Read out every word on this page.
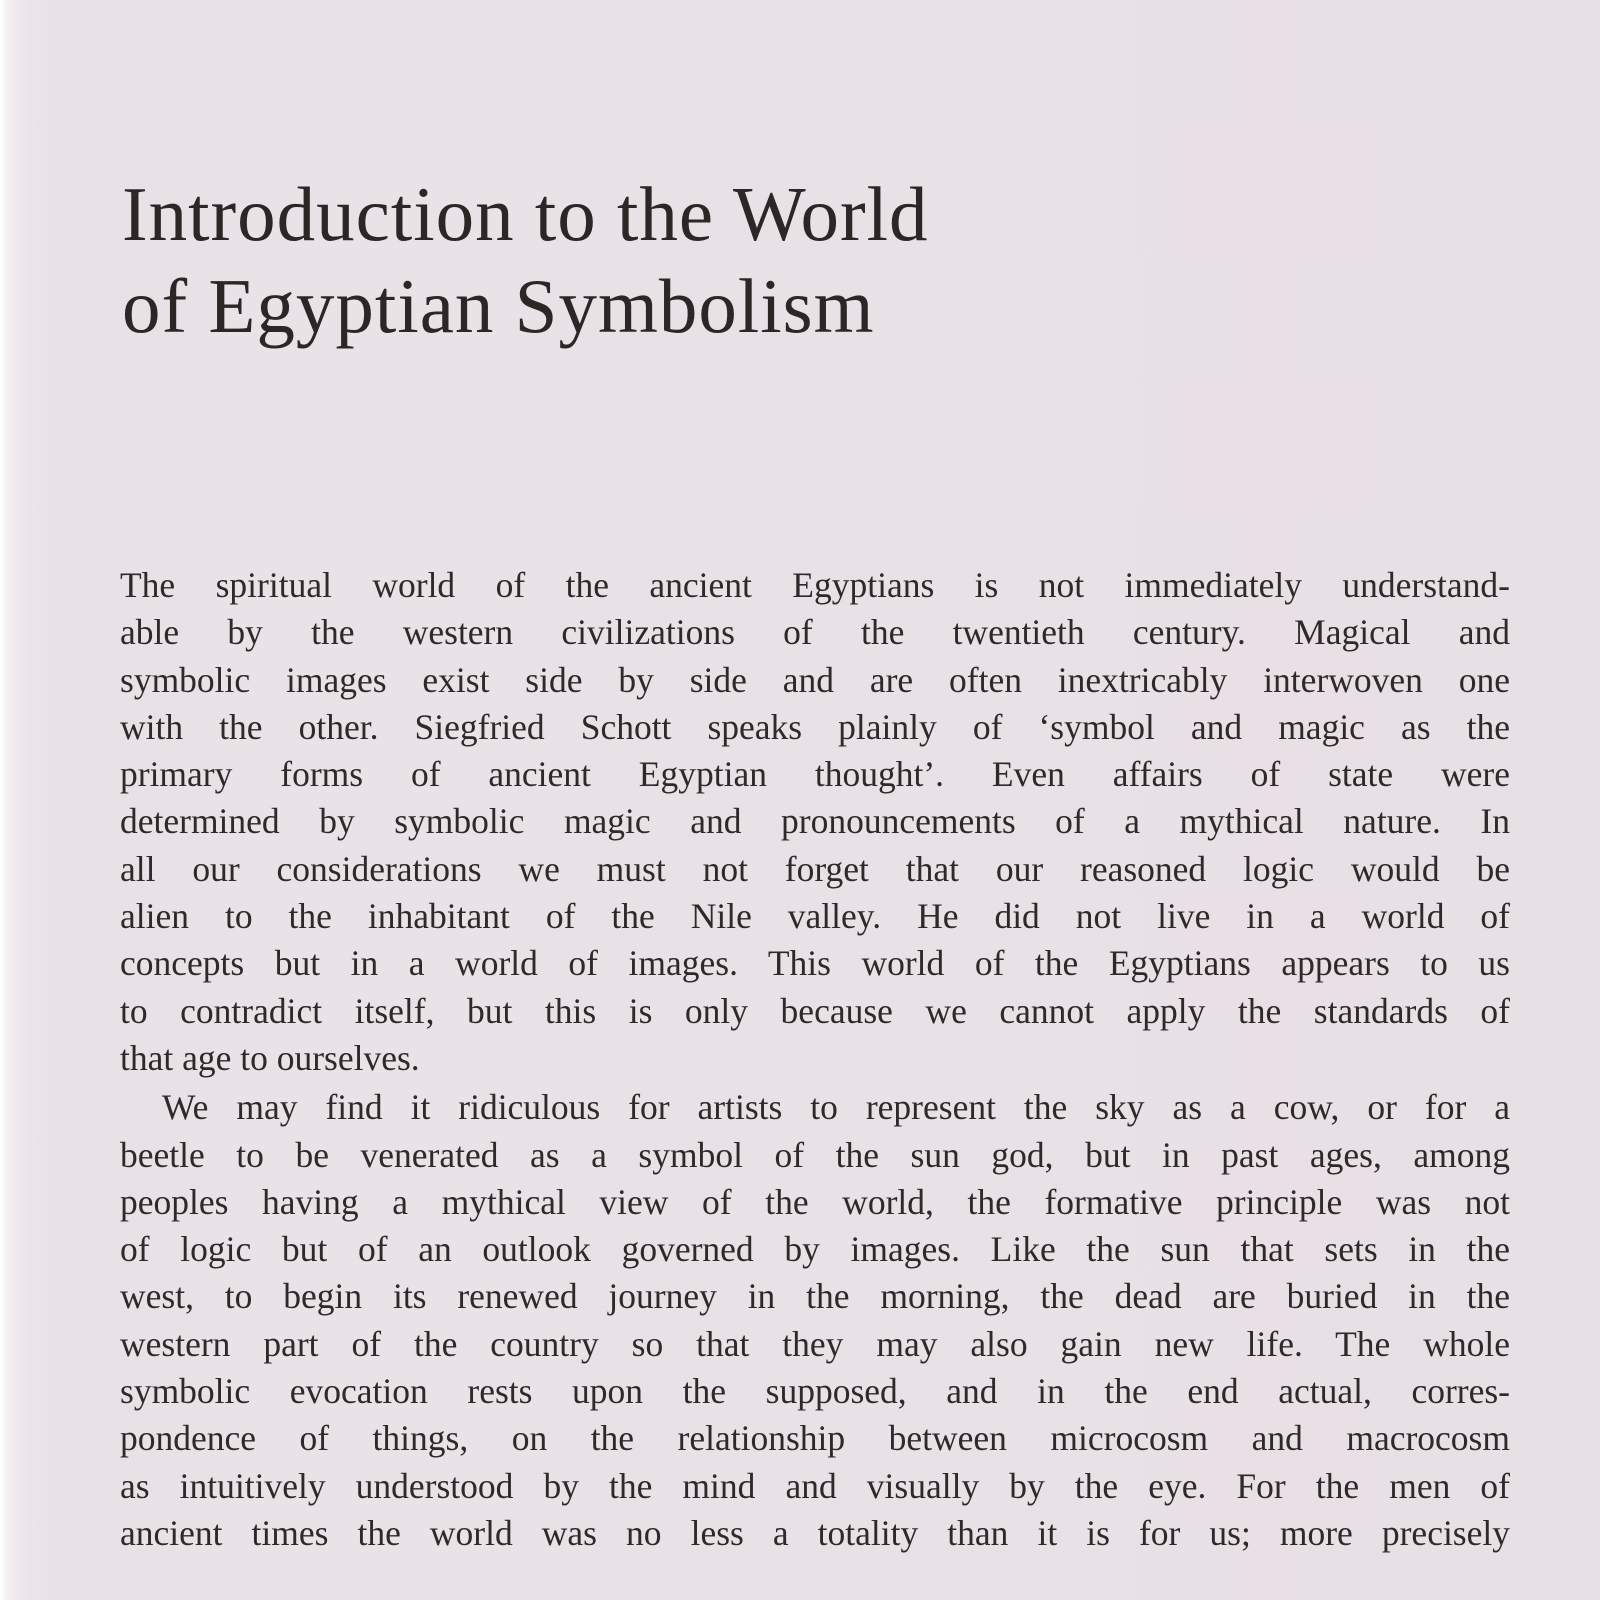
Introduction to the World
of Egyptian Symbolism
The spiritual world of the ancient Egyptians is not immediately understand-
able by the western civilizations of the twentieth century. Magical and
symbolic images exist side by side and are often inextricably interwoven one
with the other. Siegfried Schott speaks plainly of ‘symbol and magic as the
primary forms of ancient Egyptian thought’. Even affairs of state were
determined by symbolic magic and pronouncements of a mythical nature. In
all our considerations we must not forget that our reasoned logic would be
alien to the inhabitant of the Nile valley. He did not live in a world of
concepts but in a world of images. This world of the Egyptians appears to us
to contradict itself, but this is only because we cannot apply the standards of
that age to ourselves.
We may find it ridiculous for artists to represent the sky as a cow, or for a
beetle to be venerated as a symbol of the sun god, but in past ages, among
peoples having a mythical view of the world, the formative principle was not
of logic but of an outlook governed by images. Like the sun that sets in the
west, to begin its renewed journey in the morning, the dead are buried in the
western part of the country so that they may also gain new life. The whole
symbolic evocation rests upon the supposed, and in the end actual, corres-
pondence of things, on the relationship between microcosm and macrocosm
as intuitively understood by the mind and visually by the eye. For the men of
ancient times the world was no less a totality than it is for us; more precisely
